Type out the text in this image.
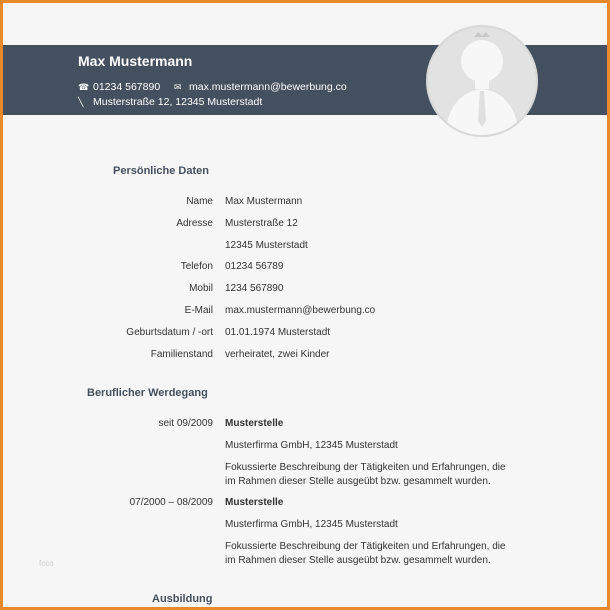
Max Mustermann
☎ 01234 567890 ✉ max.mustermann@bewerbung.co
╲ Musterstraße 12, 12345 Musterstadt
Persönliche Daten
Name Max Mustermann
Adresse Musterstraße 12
12345 Musterstadt
Telefon 01234 56789
Mobil 1234 567890
E-Mail max.mustermann@bewerbung.co
Geburtsdatum / -ort 01.01.1974 Musterstadt
Familienstand verheiratet, zwei Kinder
Beruflicher Werdegang
seit 09/2009 Musterstelle
Musterfirma GmbH, 12345 Musterstadt
Fokussierte Beschreibung der Tätigkeiten und Erfahrungen, die
im Rahmen dieser Stelle ausgeübt bzw. gesammelt wurden.
07/2000 – 08/2009 Musterstelle
Musterfirma GmbH, 12345 Musterstadt
Fokussierte Beschreibung der Tätigkeiten und Erfahrungen, die
im Rahmen dieser Stelle ausgeübt bzw. gesammelt wurden.
fcco
Ausbildung
